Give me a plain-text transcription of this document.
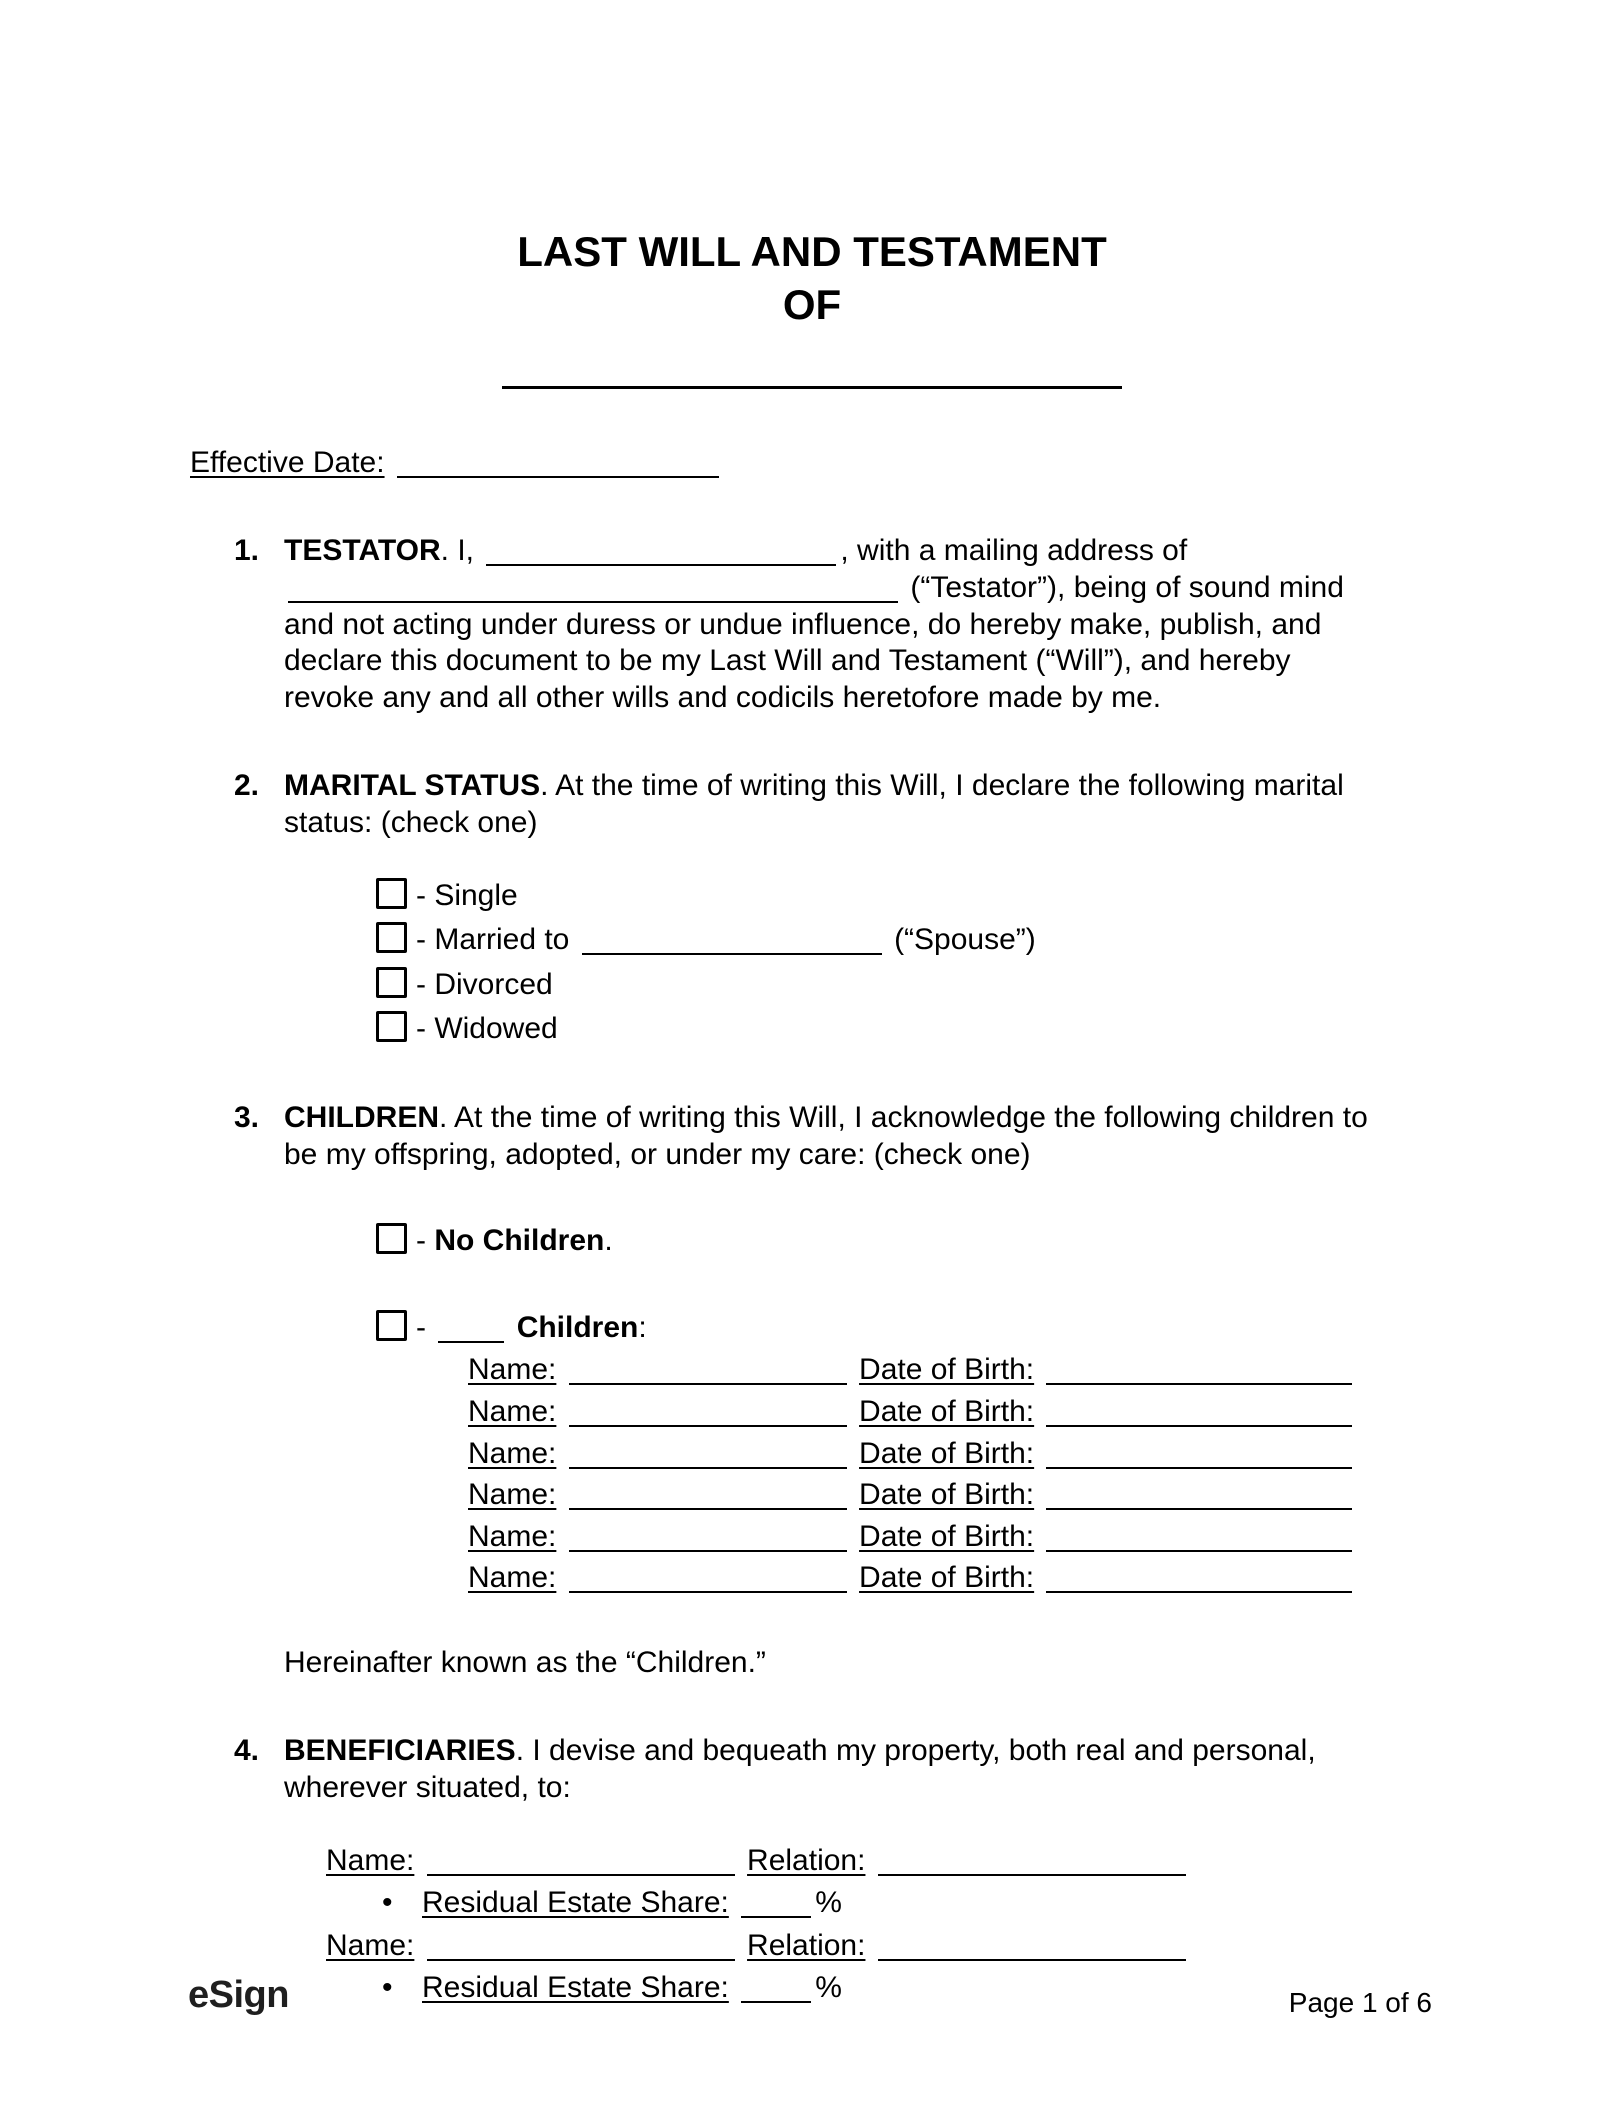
LAST WILL AND TESTAMENT
OF
Effective Date:
1. TESTATOR. I,	, with a mailing address of  (“Testator”), being of sound mind and not acting under duress or undue influence, do hereby make, publish, and declare this document to be my Last Will and Testament (“Will”), and hereby revoke any and all other wills and codicils heretofore made by me.
2. MARITAL STATUS. At the time of writing this Will, I declare the following marital status: (check one)
- Single
- Married to	(“Spouse”)
- Divorced
- Widowed
3. CHILDREN. At the time of writing this Will, I acknowledge the following children to be my offspring, adopted, or under my care: (check one)
- No Children.
-	Children:
Name:	Date of Birth:
Name:	Date of Birth:
Name:	Date of Birth:
Name:	Date of Birth:
Name:	Date of Birth:
Name:	Date of Birth:
Hereinafter known as the “Children.”
4. BENEFICIARIES. I devise and bequeath my property, both real and personal, wherever situated, to:
Name:	Relation:
• Residual Estate Share:	%
Name:	Relation:
• Residual Estate Share:	%
eSign	Page 1 of 6
